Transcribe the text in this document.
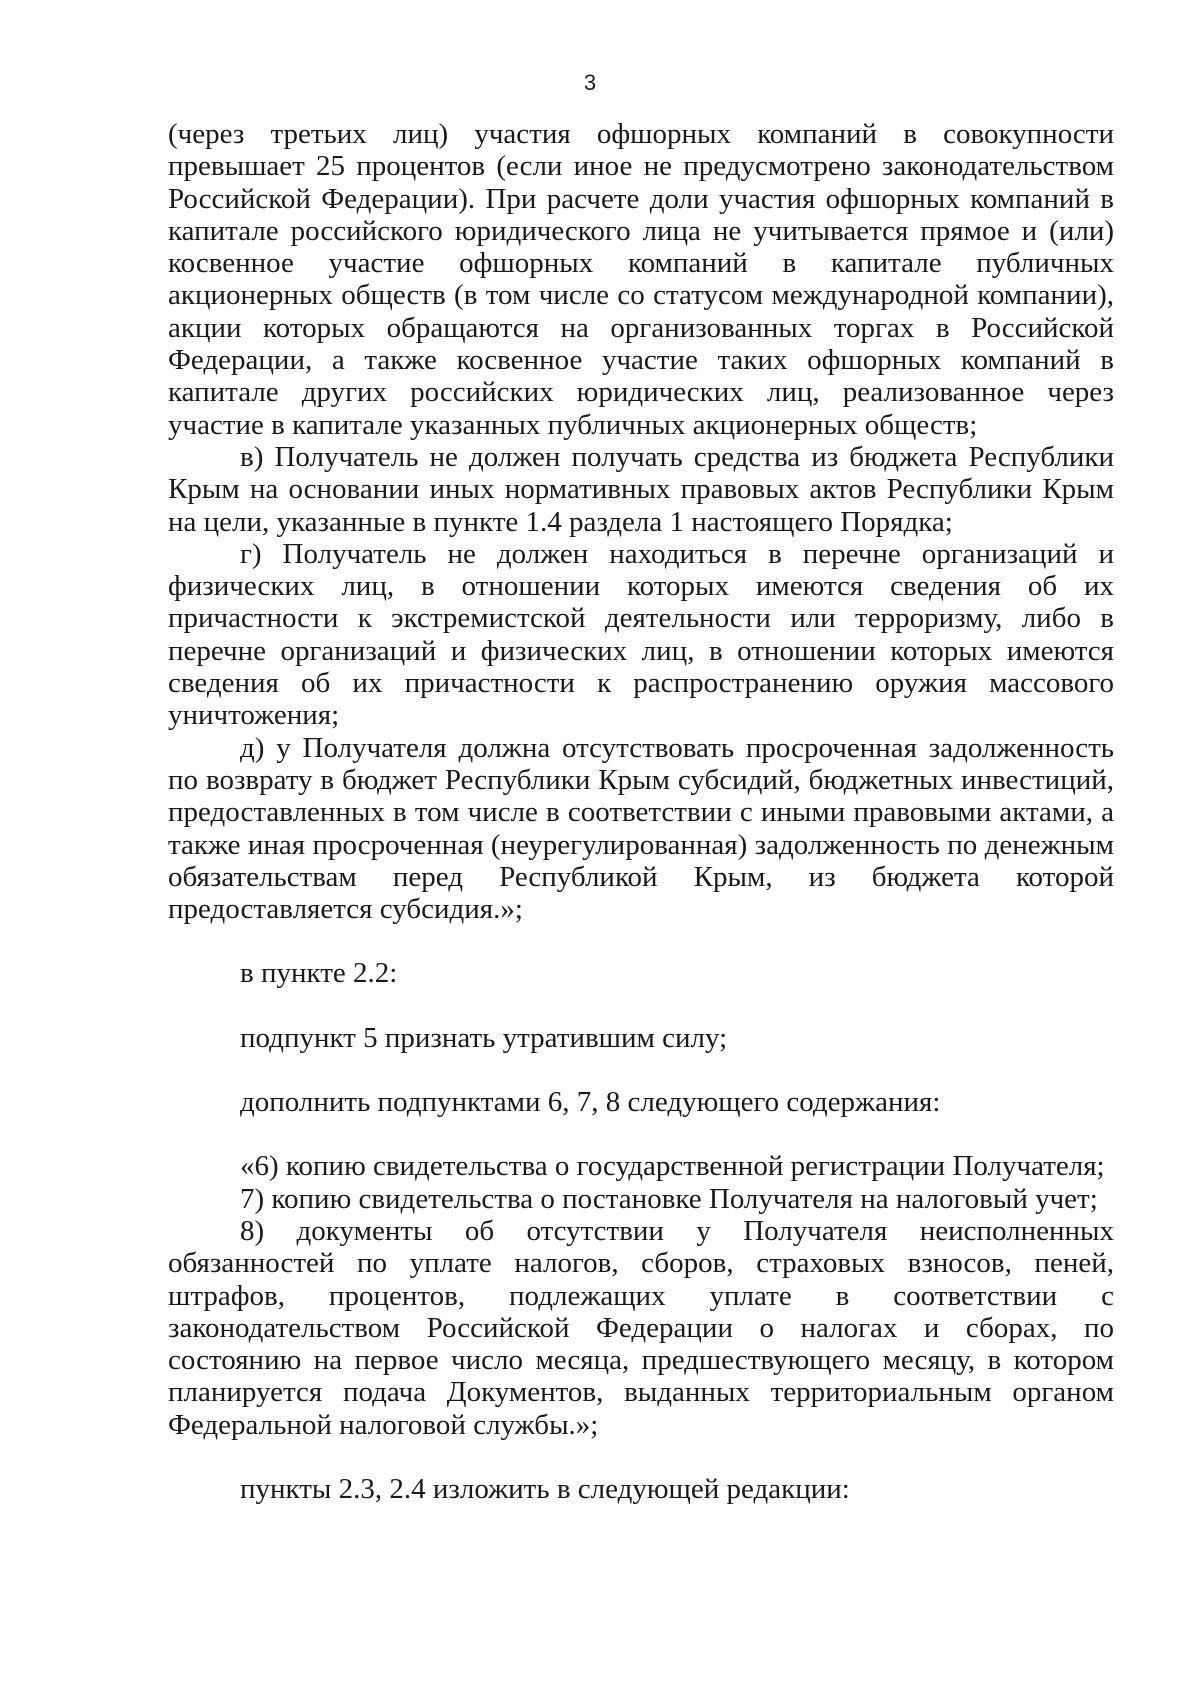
3

(через третьих лиц) участия офшорных компаний в совокупности превышает 25 процентов (если иное не предусмотрено законодательством Российской Федерации). При расчете доли участия офшорных компаний в капитале российского юридического лица не учитывается прямое и (или) косвенное участие офшорных компаний в капитале публичных акционерных обществ (в том числе со статусом международной компании), акции которых обращаются на организованных торгах в Российской Федерации, а также косвенное участие таких офшорных компаний в капитале других российских юридических лиц, реализованное через участие в капитале указанных публичных акционерных обществ;

в) Получатель не должен получать средства из бюджета Республики Крым на основании иных нормативных правовых актов Республики Крым на цели, указанные в пункте 1.4 раздела 1 настоящего Порядка;

г) Получатель не должен находиться в перечне организаций и физических лиц, в отношении которых имеются сведения об их причастности к экстремистской деятельности или терроризму, либо в перечне организаций и физических лиц, в отношении которых имеются сведения об их причастности к распространению оружия массового уничтожения;

д) у Получателя должна отсутствовать просроченная задолженность по возврату в бюджет Республики Крым субсидий, бюджетных инвестиций, предоставленных в том числе в соответствии с иными правовыми актами, а также иная просроченная (неурегулированная) задолженность по денежным обязательствам перед Республикой Крым, из бюджета которой предоставляется субсидия.»;

в пункте 2.2:

подпункт 5 признать утратившим силу;

дополнить подпунктами 6, 7, 8 следующего содержания:

«6) копию свидетельства о государственной регистрации Получателя;

7) копию свидетельства о постановке Получателя на налоговый учет;

8) документы об отсутствии у Получателя неисполненных обязанностей по уплате налогов, сборов, страховых взносов, пеней, штрафов, процентов, подлежащих уплате в соответствии с законодательством Российской Федерации о налогах и сборах, по состоянию на первое число месяца, предшествующего месяцу, в котором планируется подача Документов, выданных территориальным органом Федеральной налоговой службы.»;

пункты 2.3, 2.4 изложить в следующей редакции:
